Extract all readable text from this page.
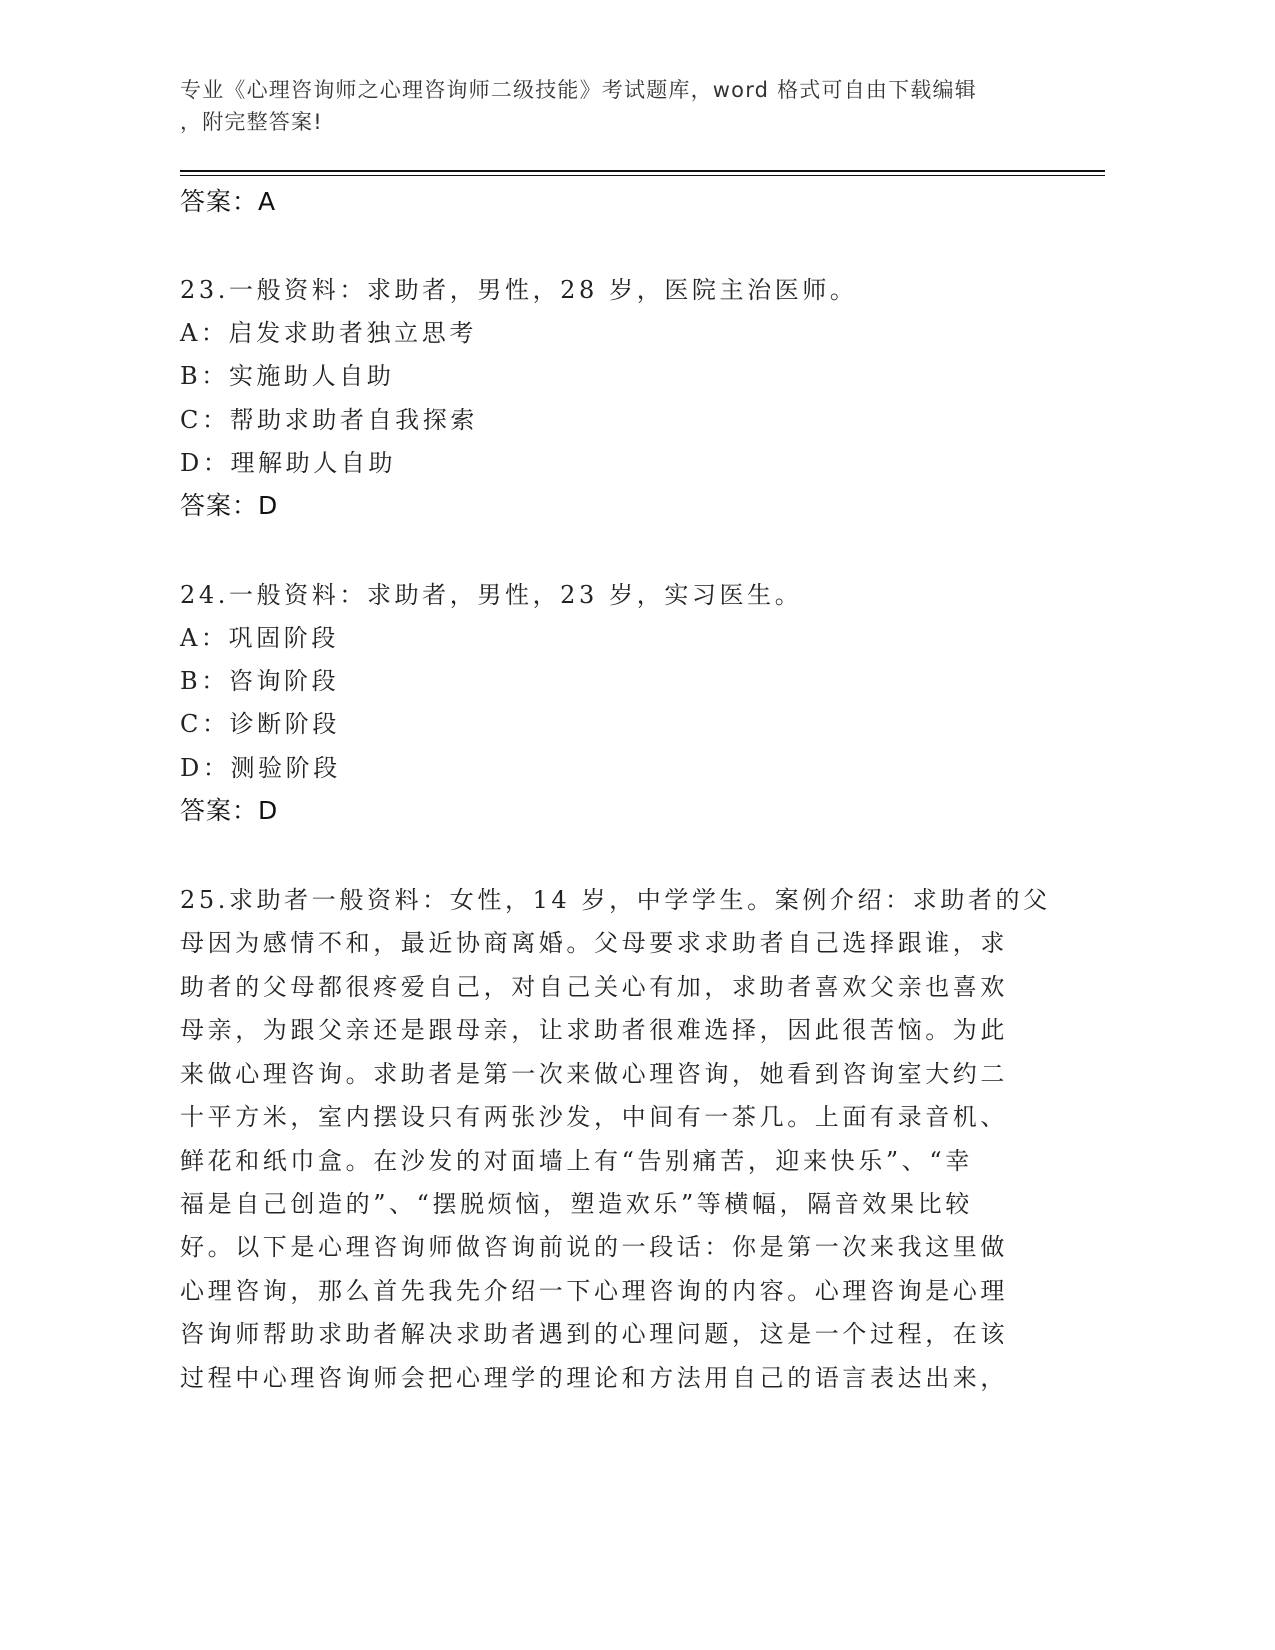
专业《心理咨询师之心理咨询师二级技能》考试题库，word 格式可自由下载编辑
，附完整答案!
答案：A
23.一般资料：求助者，男性，28 岁，医院主治医师。
A：启发求助者独立思考
B：实施助人自助
C：帮助求助者自我探索
D：理解助人自助
答案：D
24.一般资料：求助者，男性，23 岁，实习医生。
A：巩固阶段
B：咨询阶段
C：诊断阶段
D：测验阶段
答案：D
25.求助者一般资料：女性，14 岁，中学学生。案例介绍：求助者的父
母因为感情不和，最近协商离婚。父母要求求助者自己选择跟谁，求
助者的父母都很疼爱自己，对自己关心有加，求助者喜欢父亲也喜欢
母亲，为跟父亲还是跟母亲，让求助者很难选择，因此很苦恼。为此
来做心理咨询。求助者是第一次来做心理咨询，她看到咨询室大约二
十平方米，室内摆设只有两张沙发，中间有一茶几。上面有录音机、
鲜花和纸巾盒。在沙发的对面墙上有“告别痛苦，迎来快乐”、“幸
福是自己创造的”、“摆脱烦恼，塑造欢乐”等横幅，隔音效果比较
好。以下是心理咨询师做咨询前说的一段话：你是第一次来我这里做
心理咨询，那么首先我先介绍一下心理咨询的内容。心理咨询是心理
咨询师帮助求助者解决求助者遇到的心理问题，这是一个过程，在该
过程中心理咨询师会把心理学的理论和方法用自己的语言表达出来，
